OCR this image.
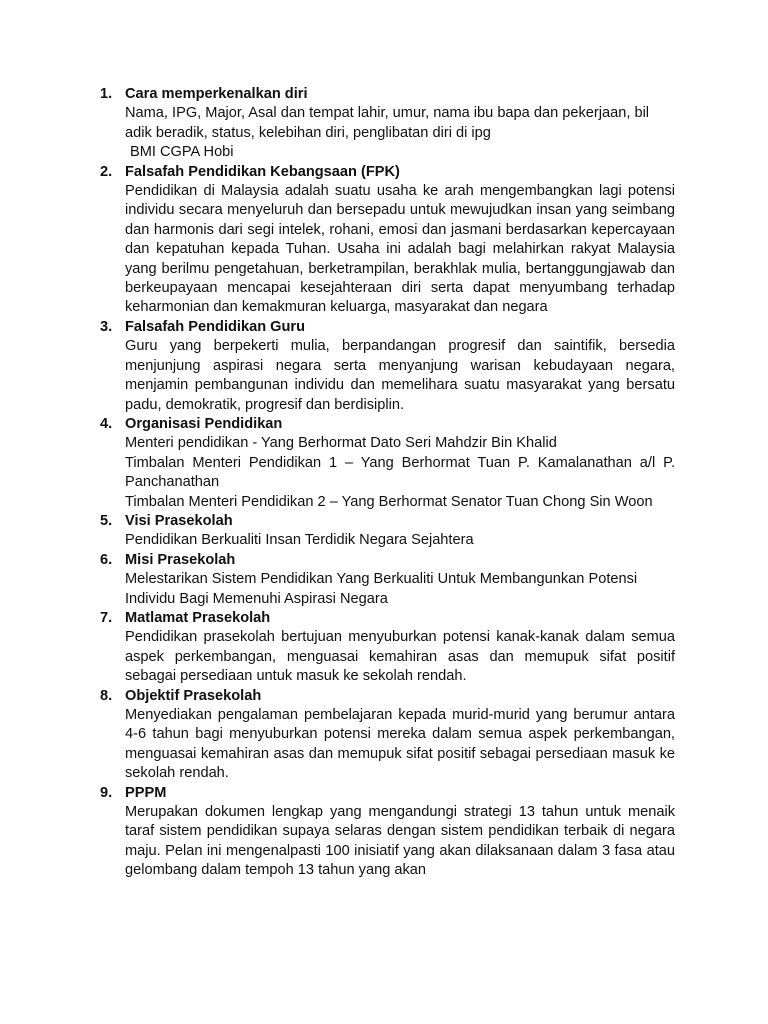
1. Cara memperkenalkan diri

Nama, IPG, Major, Asal dan tempat lahir, umur, nama ibu bapa dan pekerjaan, bil adik beradik, status, kelebihan diri, penglibatan diri di ipg

BMI CGPA Hobi

2. Falsafah Pendidikan Kebangsaan (FPK)

Pendidikan di Malaysia adalah suatu usaha ke arah mengembangkan lagi potensi individu secara menyeluruh dan bersepadu untuk mewujudkan insan yang seimbang dan harmonis dari segi intelek, rohani, emosi dan jasmani berdasarkan kepercayaan dan kepatuhan kepada Tuhan. Usaha ini adalah bagi melahirkan rakyat Malaysia yang berilmu pengetahuan, berketrampilan, berakhlak mulia, bertanggungjawab dan berkeupayaan mencapai kesejahteraan diri serta dapat menyumbang terhadap keharmonian dan kemakmuran keluarga, masyarakat dan negara

3. Falsafah Pendidikan Guru

Guru yang berpekerti mulia, berpandangan progresif dan saintifik, bersedia menjunjung aspirasi negara serta menyanjung warisan kebudayaan negara, menjamin pembangunan individu dan memelihara suatu masyarakat yang bersatu padu, demokratik, progresif dan berdisiplin.

4. Organisasi Pendidikan

Menteri pendidikan - Yang Berhormat Dato Seri Mahdzir Bin Khalid

Timbalan Menteri Pendidikan 1 – Yang Berhormat Tuan P. Kamalanathan a/l P. Panchanathan

Timbalan Menteri Pendidikan 2 – Yang Berhormat Senator Tuan Chong Sin Woon

5. Visi Prasekolah

Pendidikan Berkualiti Insan Terdidik Negara Sejahtera

6. Misi Prasekolah

Melestarikan Sistem Pendidikan Yang Berkualiti Untuk Membangunkan Potensi Individu Bagi Memenuhi Aspirasi Negara

7. Matlamat Prasekolah

Pendidikan prasekolah bertujuan menyuburkan potensi kanak-kanak dalam semua aspek perkembangan, menguasai kemahiran asas dan memupuk sifat positif sebagai persediaan untuk masuk ke sekolah rendah.

8. Objektif Prasekolah

Menyediakan pengalaman pembelajaran kepada murid-murid yang berumur antara 4-6 tahun bagi menyuburkan potensi mereka dalam semua aspek perkembangan, menguasai kemahiran asas dan memupuk sifat positif sebagai persediaan masuk ke sekolah rendah.

9. PPPM

Merupakan dokumen lengkap yang mengandungi strategi 13 tahun untuk menaik taraf sistem pendidikan supaya selaras dengan sistem pendidikan terbaik di negara maju. Pelan ini mengenalpasti 100 inisiatif yang akan dilaksanaan dalam 3 fasa atau gelombang dalam tempoh 13 tahun yang akan
